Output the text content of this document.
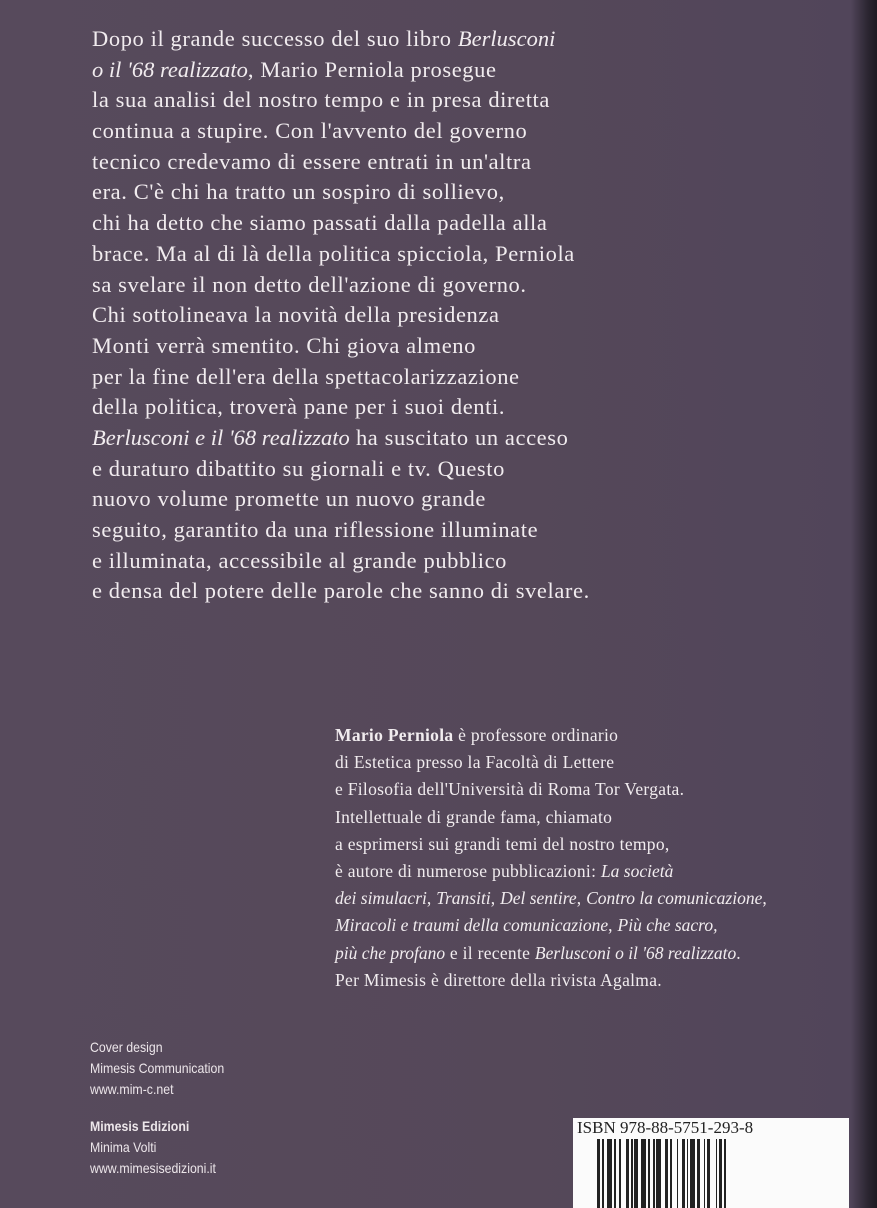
Dopo il grande successo del suo libro Berlusconi
o il '68 realizzato, Mario Perniola prosegue
la sua analisi del nostro tempo e in presa diretta
continua a stupire. Con l'avvento del governo
tecnico credevamo di essere entrati in un'altra
era. C'è chi ha tratto un sospiro di sollievo,
chi ha detto che siamo passati dalla padella alla
brace. Ma al di là della politica spicciola, Perniola
sa svelare il non detto dell'azione di governo.
Chi sottolineava la novità della presidenza
Monti verrà smentito. Chi giova almeno
per la fine dell'era della spettacolarizzazione
della politica, troverà pane per i suoi denti.
Berlusconi e il '68 realizzato ha suscitato un acceso
e duraturo dibattito su giornali e tv. Questo
nuovo volume promette un nuovo grande
seguito, garantito da una riflessione illuminate
e illuminata, accessibile al grande pubblico
e densa del potere delle parole che sanno di svelare.
Mario Perniola è professore ordinario
di Estetica presso la Facoltà di Lettere
e Filosofia dell'Università di Roma Tor Vergata.
Intellettuale di grande fama, chiamato
a esprimersi sui grandi temi del nostro tempo,
è autore di numerose pubblicazioni: La società
dei simulacri, Transiti, Del sentire, Contro la comunicazione,
Miracoli e traumi della comunicazione, Più che sacro,
più che profano e il recente Berlusconi o il '68 realizzato.
Per Mimesis è direttore della rivista Agalma.
Cover design
Mimesis Communication
www.mim-c.net
Mimesis Edizioni
Minima Volti
www.mimesisedizioni.it
ISBN 978-88-5751-293-8
